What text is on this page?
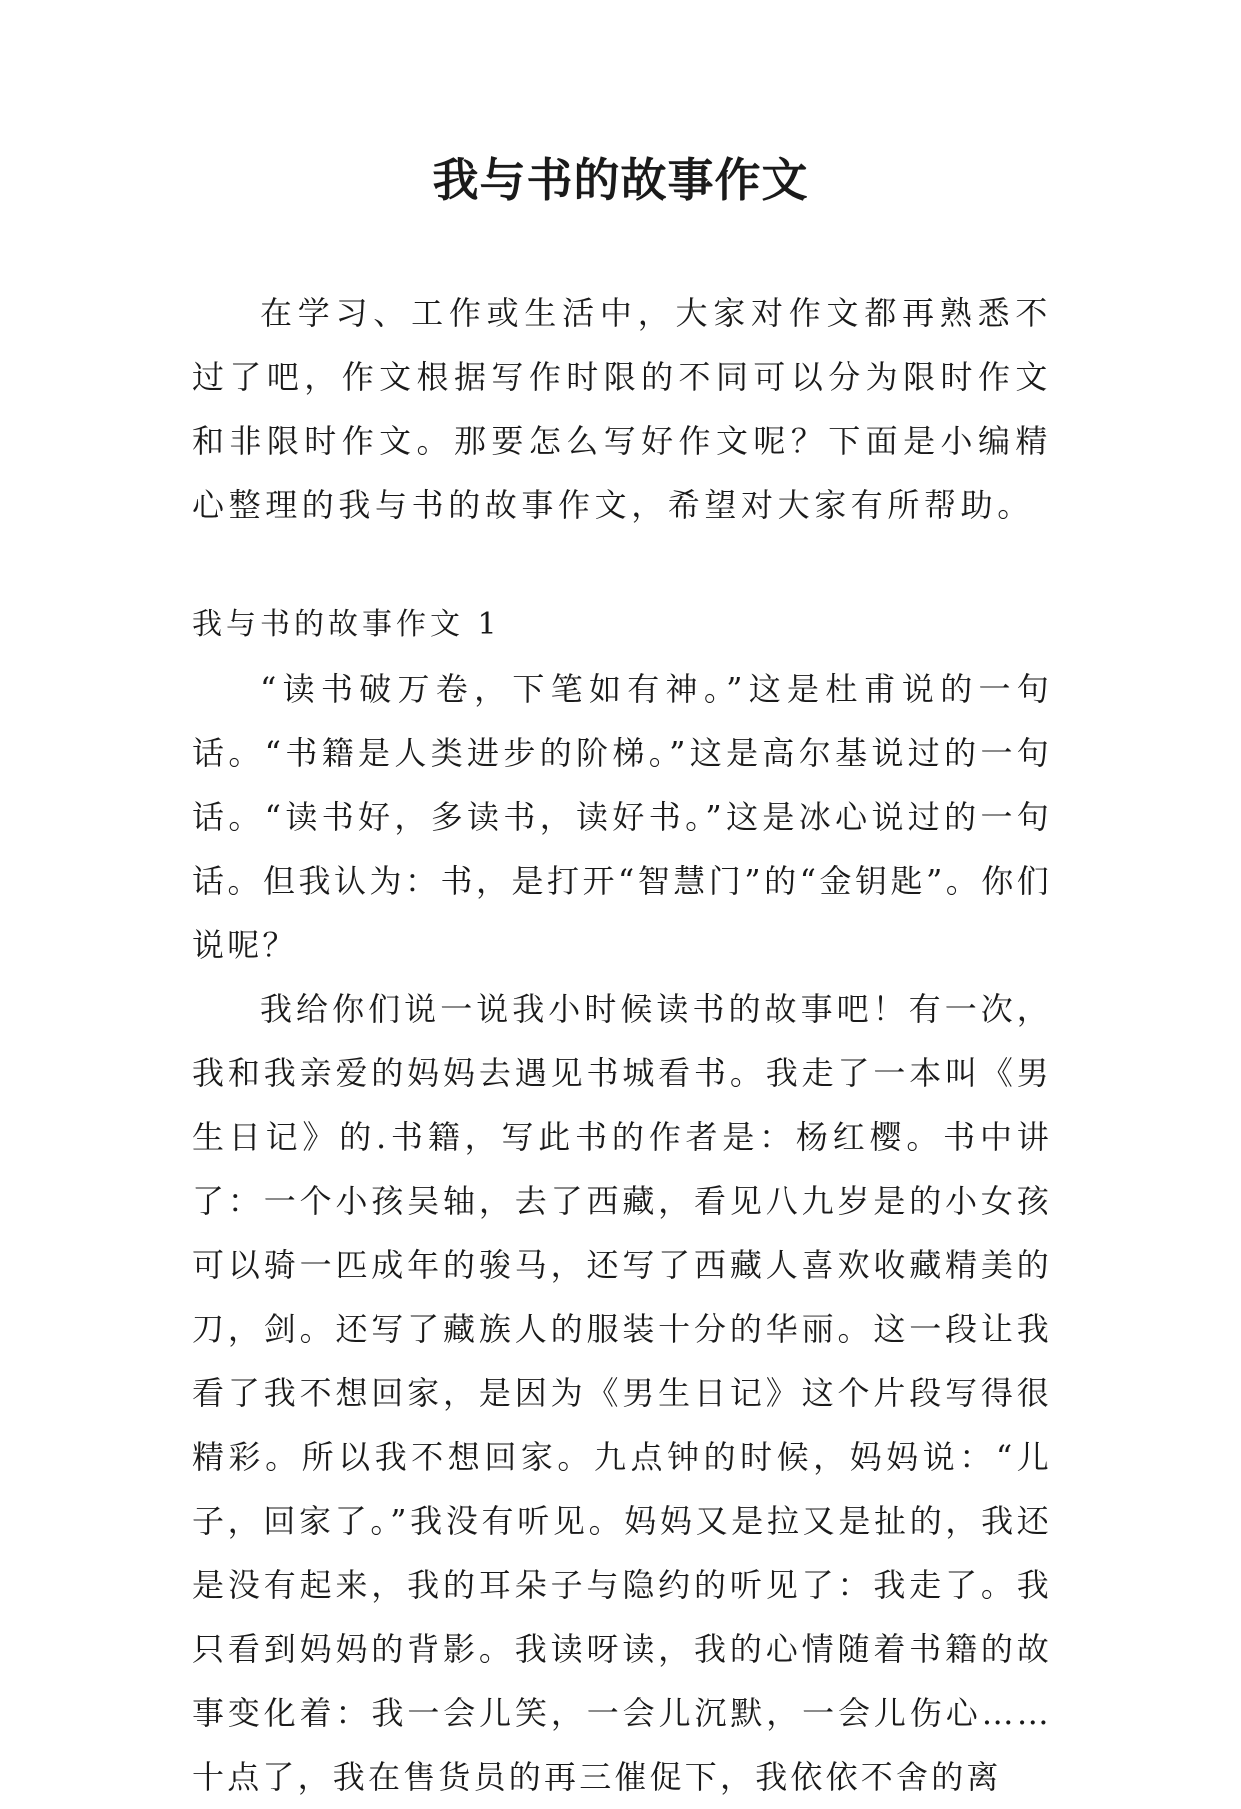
我与书的故事作文

在学习、工作或生活中，大家对作文都再熟悉不过了吧，作文根据写作时限的不同可以分为限时作文和非限时作文。那要怎么写好作文呢？下面是小编精心整理的我与书的故事作文，希望对大家有所帮助。

我与书的故事作文 1

“读书破万卷，下笔如有神。”这是杜甫说的一句话。“书籍是人类进步的阶梯。”这是高尔基说过的一句话。“读书好，多读书，读好书。”这是冰心说过的一句话。但我认为：书，是打开“智慧门”的“金钥匙”。你们说呢？

我给你们说一说我小时候读书的故事吧！有一次，我和我亲爱的妈妈去遇见书城看书。我走了一本叫《男生日记》的.书籍，写此书的作者是：杨红樱。书中讲了：一个小孩吴轴，去了西藏，看见八九岁是的小女孩可以骑一匹成年的骏马，还写了西藏人喜欢收藏精美的刀，剑。还写了藏族人的服装十分的华丽。这一段让我看了我不想回家，是因为《男生日记》这个片段写得很精彩。所以我不想回家。九点钟的时候，妈妈说：“儿子，回家了。”我没有听见。妈妈又是拉又是扯的，我还是没有起来，我的耳朵子与隐约的听见了：我走了。我只看到妈妈的背影。我读呀读，我的心情随着书籍的故事变化着：我一会儿笑，一会儿沉默，一会儿伤心……十点了，我在售货员的再三催促下，我依依不舍的离
